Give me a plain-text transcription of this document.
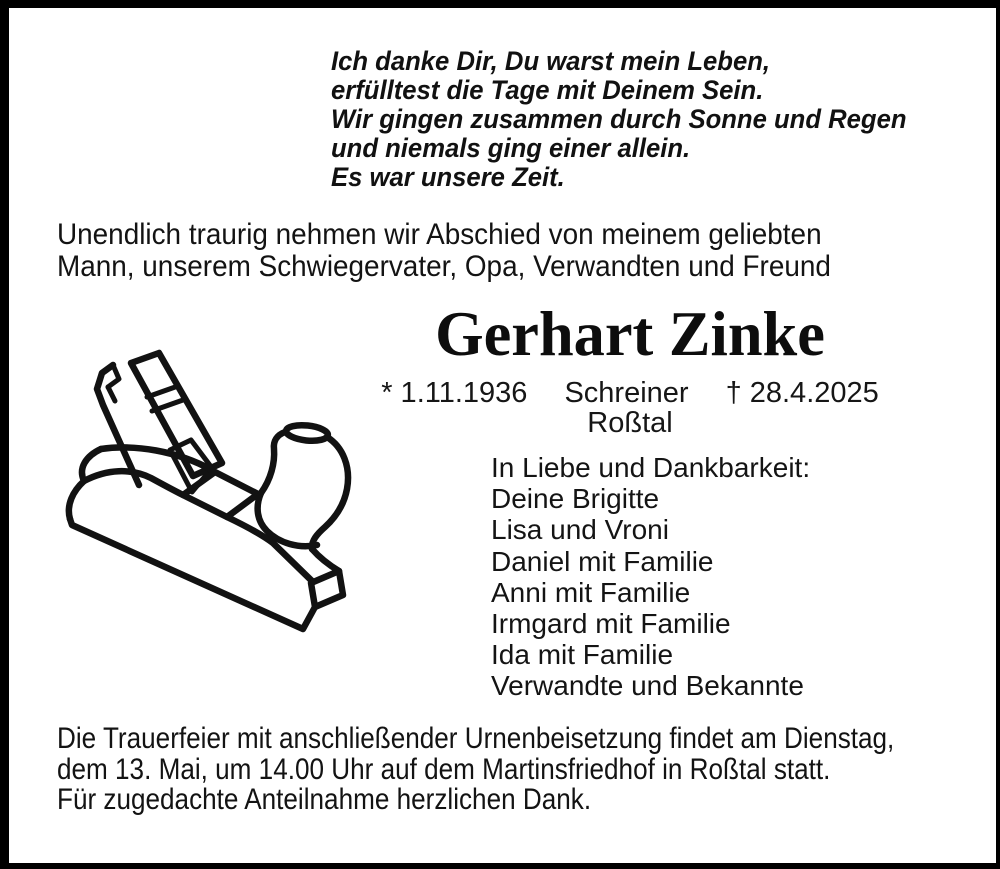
Ich danke Dir, Du warst mein Leben,
erfülltest die Tage mit Deinem Sein.
Wir gingen zusammen durch Sonne und Regen
und niemals ging einer allein.
Es war unsere Zeit.
Unendlich traurig nehmen wir Abschied von meinem geliebten
Mann, unserem Schwiegervater, Opa, Verwandten und Freund
Gerhart Zinke
* 1.11.1936 Schreiner † 28.4.2025
Roßtal
In Liebe und Dankbarkeit:
Deine Brigitte
Lisa und Vroni
Daniel mit Familie
Anni mit Familie
Irmgard mit Familie
Ida mit Familie
Verwandte und Bekannte
Die Trauerfeier mit anschließender Urnenbeisetzung findet am Dienstag,
dem 13. Mai, um 14.00 Uhr auf dem Martinsfriedhof in Roßtal statt.
Für zugedachte Anteilnahme herzlichen Dank.
